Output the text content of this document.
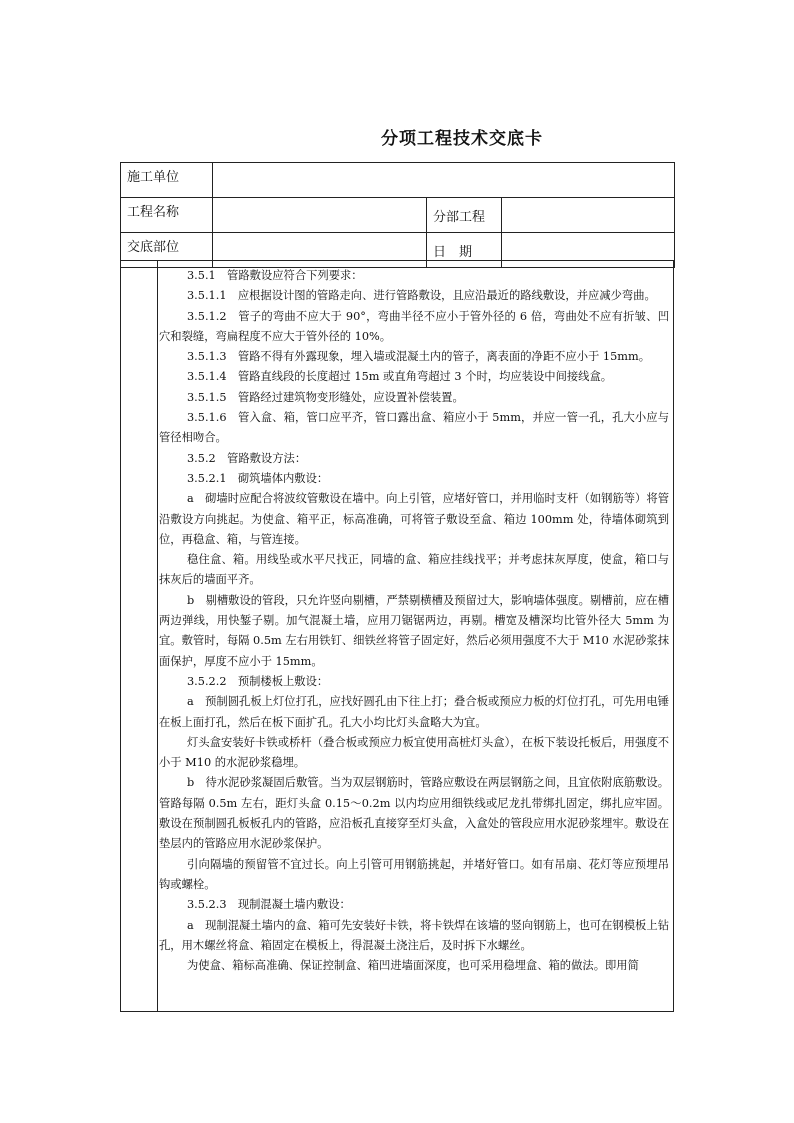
分项工程技术交底卡
施工单位			
工程名称		分部工程	
交底部位		日　期	

3.5.1　管路敷设应符合下列要求：

3.5.1.1　应根据设计图的管路走向、进行管路敷设，且应沿最近的路线敷设，并应减少弯曲。

3.5.1.2　管子的弯曲不应大于 90°，弯曲半径不应小于管外径的 6 倍，弯曲处不应有折皱、凹穴和裂缝，弯扁程度不应大于管外径的 10%。

3.5.1.3　管路不得有外露现象，埋入墙或混凝土内的管子，离表面的净距不应小于 15mm。

3.5.1.4　管路直线段的长度超过 15m 或直角弯超过 3 个时，均应装设中间接线盒。

3.5.1.5　管路经过建筑物变形缝处，应设置补偿装置。

3.5.1.6　管入盒、箱，管口应平齐，管口露出盒、箱应小于 5mm，并应一管一孔，孔大小应与管径相吻合。

3.5.2　管路敷设方法：

3.5.2.1　砌筑墙体内敷设：

a　砌墙时应配合将波纹管敷设在墙中。向上引管，应堵好管口，并用临时支杆（如钢筋等）将管沿敷设方向挑起。为使盒、箱平正，标高准确，可将管子敷设至盒、箱边 100mm 处，待墙体砌筑到位，再稳盒、箱，与管连接。

稳住盒、箱。用线坠或水平尺找正，同墙的盒、箱应挂线找平；并考虑抹灰厚度，使盒，箱口与抹灰后的墙面平齐。

b　剔槽敷设的管段，只允许竖向剔槽，严禁剔横槽及预留过大，影响墙体强度。剔槽前，应在槽两边弹线，用快錾子剔。加气混凝土墙，应用刀锯锯两边，再剔。槽宽及槽深均比管外径大 5mm 为宜。敷管时，每隔 0.5m 左右用铁钉、细铁丝将管子固定好，然后必须用强度不大于 M10 水泥砂浆抹面保护，厚度不应小于 15mm。

3.5.2.2　预制楼板上敷设：

a　预制圆孔板上灯位打孔，应找好圆孔由下往上打；叠合板或预应力板的灯位打孔，可先用电锤在板上面打孔，然后在板下面扩孔。孔大小均比灯头盒略大为宜。

灯头盒安装好卡铁或桥杆（叠合板或预应力板宜使用高桩灯头盒），在板下装设托板后，用强度不小于 M10 的水泥砂浆稳埋。

b　待水泥砂浆凝固后敷管。当为双层钢筋时，管路应敷设在两层钢筋之间，且宜依附底筋敷设。管路每隔 0.5m 左右，距灯头盒 0.15～0.2m 以内均应用细铁线或尼龙扎带绑扎固定，绑扎应牢固。敷设在预制圆孔板板孔内的管路，应沿板孔直接穿至灯头盒，入盒处的管段应用水泥砂浆埋牢。敷设在垫层内的管路应用水泥砂浆保护。

引向隔墙的预留管不宜过长。向上引管可用钢筋挑起，并堵好管口。如有吊扇、花灯等应预埋吊钩或螺栓。

3.5.2.3　现制混凝土墙内敷设：

a　现制混凝土墙内的盒、箱可先安装好卡铁，将卡铁焊在该墙的竖向钢筋上，也可在钢模板上钻孔，用木螺丝将盒、箱固定在模板上，得混凝土浇注后，及时拆下水螺丝。

为使盒、箱标高准确、保证控制盒、箱凹进墙面深度，也可采用稳埋盒、箱的做法。即用简
